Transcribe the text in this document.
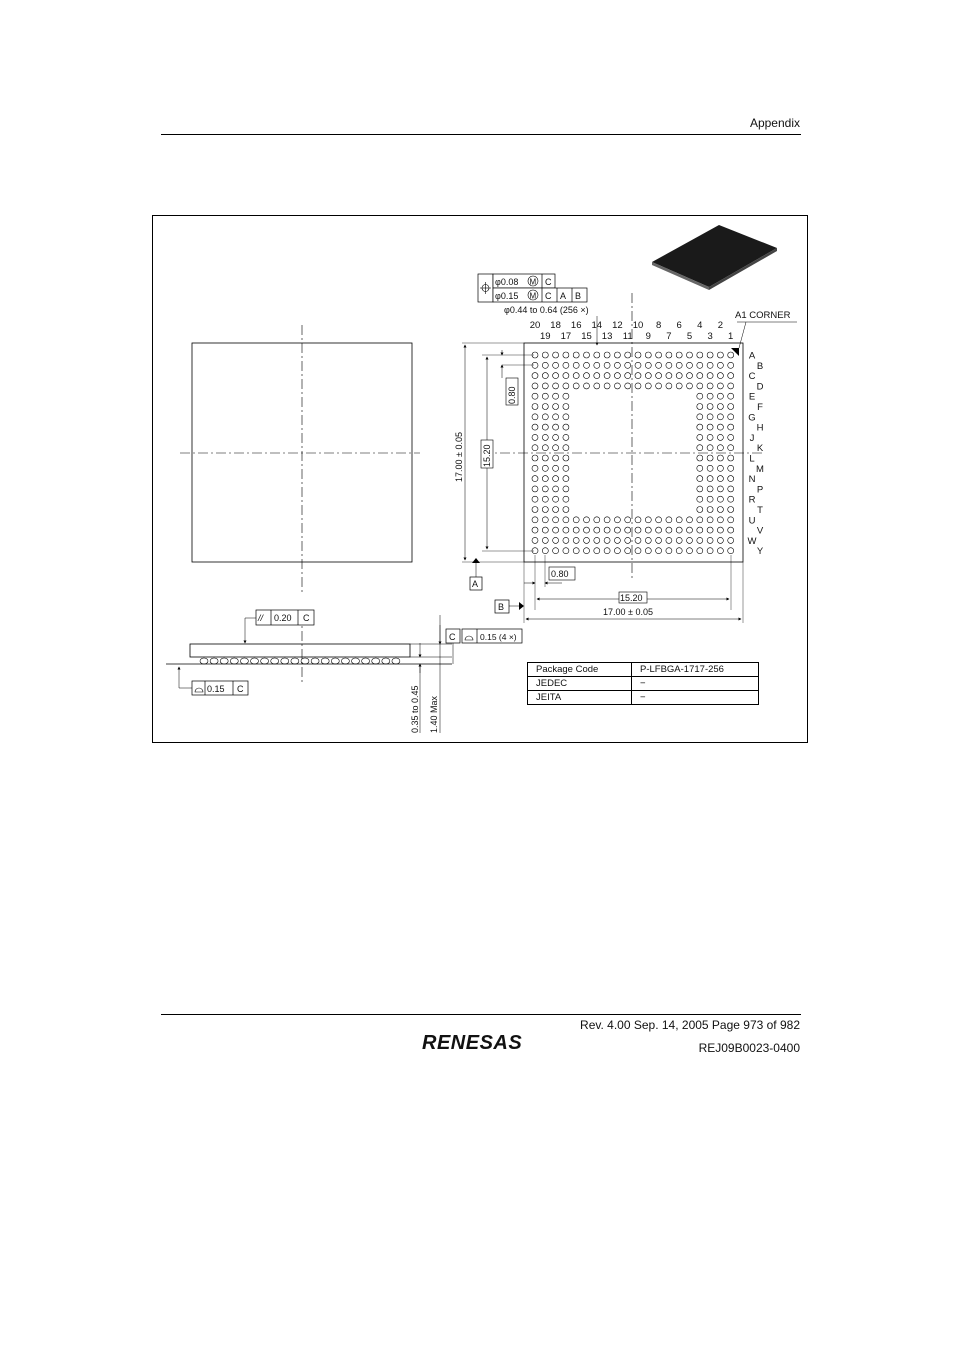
Appendix
// 0.20 C
0.15 C
C	0.15 (4 ×)
0.35 to 0.45 1.40 Max
20 18 16 14 12 10 8 6 4 2
19 17 15 13 11 9 7 5 3 1
A
C
E
G
J
L
N
R
U
W
B
D
F
H
K
M
P
T
V
Y
A1 CORNER
φ0.08 M C
φ0.15 M C A B
φ0.44 to 0.64 (256 ×)
17.00 ± 0.05 15.20
0.80
0.80
15.20
17.00 ± 0.05
A
B
Package Code	P-LFBGA-1717-256
JEDEC	−
JEITA	−
Rev. 4.00 Sep. 14, 2005 Page 973 of 982
REJ09B0023-0400
RENESAS
